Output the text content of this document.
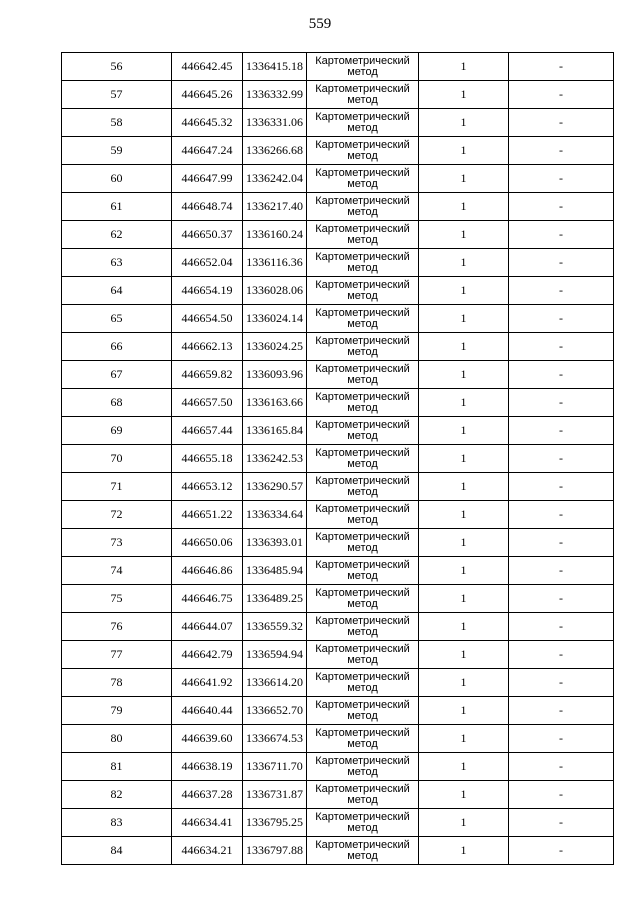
559
56	446642.45	1336415.18	Картометрический
метод	1	-
57	446645.26	1336332.99	Картометрический
метод	1	-
58	446645.32	1336331.06	Картометрический
метод	1	-
59	446647.24	1336266.68	Картометрический
метод	1	-
60	446647.99	1336242.04	Картометрический
метод	1	-
61	446648.74	1336217.40	Картометрический
метод	1	-
62	446650.37	1336160.24	Картометрический
метод	1	-
63	446652.04	1336116.36	Картометрический
метод	1	-
64	446654.19	1336028.06	Картометрический
метод	1	-
65	446654.50	1336024.14	Картометрический
метод	1	-
66	446662.13	1336024.25	Картометрический
метод	1	-
67	446659.82	1336093.96	Картометрический
метод	1	-
68	446657.50	1336163.66	Картометрический
метод	1	-
69	446657.44	1336165.84	Картометрический
метод	1	-
70	446655.18	1336242.53	Картометрический
метод	1	-
71	446653.12	1336290.57	Картометрический
метод	1	-
72	446651.22	1336334.64	Картометрический
метод	1	-
73	446650.06	1336393.01	Картометрический
метод	1	-
74	446646.86	1336485.94	Картометрический
метод	1	-
75	446646.75	1336489.25	Картометрический
метод	1	-
76	446644.07	1336559.32	Картометрический
метод	1	-
77	446642.79	1336594.94	Картометрический
метод	1	-
78	446641.92	1336614.20	Картометрический
метод	1	-
79	446640.44	1336652.70	Картометрический
метод	1	-
80	446639.60	1336674.53	Картометрический
метод	1	-
81	446638.19	1336711.70	Картометрический
метод	1	-
82	446637.28	1336731.87	Картометрический
метод	1	-
83	446634.41	1336795.25	Картометрический
метод	1	-
84	446634.21	1336797.88	Картометрический
метод	1	-
